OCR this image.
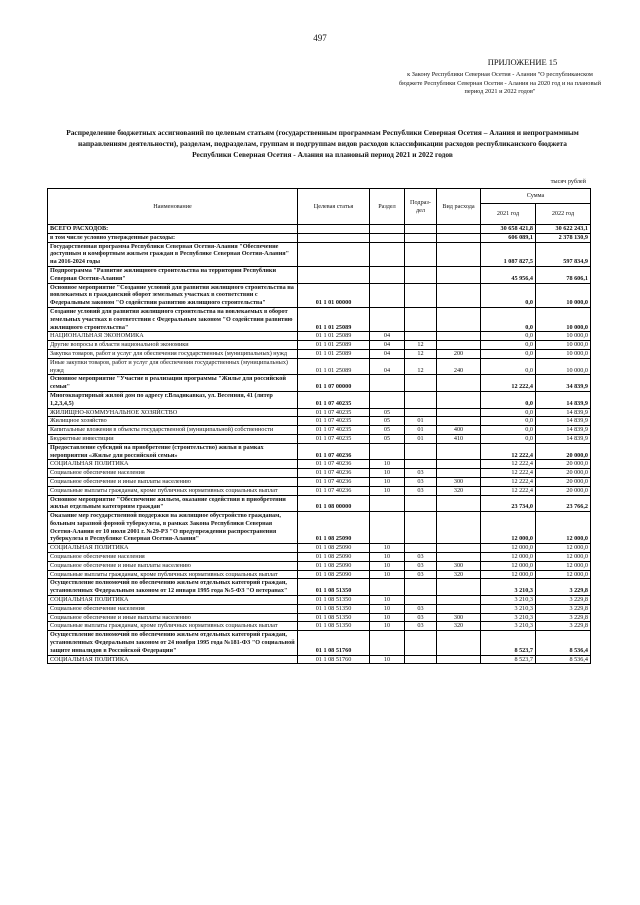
497
ПРИЛОЖЕНИЕ 15
к Закону Республики Северная Осетия - Алания "О республиканском бюджете Республики Северная Осетия - Алания на 2020 год и на плановый период 2021 и 2022 годов"
Распределение бюджетных ассигнований по целевым статьям (государственным программам Республики Северная Осетия – Алания и непрограммным направлениям деятельности), разделам, подразделам, группам и подгруппам видов расходов классификации расходов республиканского бюджета Республики Северная Осетия - Алания на плановый период 2021 и 2022 годов
тысяч рублей
Наименование	Целевая статья	Раздел	Подраз-дел	Вид расхода	Сумма	
					2021 год	2022 год
ВСЕГО РАСХОДОВ:					30 658 421,8	30 622 243,1
в том числе условно утвержденные расходы:					606 089,1	2 378 130,9
Государственная программа Республики Северная Осетия-Алания "Обеспечение доступным и комфортным жильем граждан в Республике Северная Осетия-Алания" на 2016-2024 годы					1 087 827,5	597 834,9
Подпрограмма "Развитие жилищного строительства на территории Республики Северная Осетия-Алания"					45 956,4	78 606,1
Основное мероприятие "Создание условий для развития жилищного строительства на вовлекаемых в гражданский оборот земельных участках в соответствии с Федеральным законом "О содействии развитию жилищного строительства"	01 1 01 00000				0,0	10 000,0
Создание условий для развития жилищного строительства на вовлекаемых в оборот земельных участках в соответствии с Федеральным законом "О содействии развитию жилищного строительства"	01 1 01 25089				0,0	10 000,0
НАЦИОНАЛЬНАЯ ЭКОНОМИКА	01 1 01 25089	04			0,0	10 000,0
Другие вопросы в области национальной экономики	01 1 01 25089	04	12		0,0	10 000,0
Закупка товаров, работ и услуг для обеспечения государственных (муниципальных) нужд	01 1 01 25089	04	12	200	0,0	10 000,0
Иные закупки товаров, работ и услуг для обеспечения государственных (муниципальных) нужд	01 1 01 25089	04	12	240	0,0	10 000,0
Основное мероприятие "Участие в реализации программы "Жилье для российской семьи"	01 1 07 00000				12 222,4	34 839,9
Многоквартирный жилой дом по адресу г.Владикавказ, ул. Весенняя, 41 (литер 1,2,3,4,5)	01 1 07 40235				0,0	14 839,9
ЖИЛИЩНО-КОММУНАЛЬНОЕ ХОЗЯЙСТВО	01 1 07 40235	05			0,0	14 839,9
Жилищное хозяйство	01 1 07 40235	05	01		0,0	14 839,9
Капитальные вложения в объекты государственной (муниципальной) собственности	01 1 07 40235	05	01	400	0,0	14 839,9
Бюджетные инвестиции	01 1 07 40235	05	01	410	0,0	14 839,9
Предоставление субсидий на приобретение (строительство) жилья в рамках мероприятия «Жилье для российской семьи»	01 1 07 40236				12 222,4	20 000,0
СОЦИАЛЬНАЯ ПОЛИТИКА	01 1 07 40236	10			12 222,4	20 000,0
Социальное обеспечение населения	01 1 07 40236	10	03		12 222,4	20 000,0
Социальное обеспечение и иные выплаты населению	01 1 07 40236	10	03	300	12 222,4	20 000,0
Социальные выплаты гражданам, кроме публичных нормативных социальных выплат	01 1 07 40236	10	03	320	12 222,4	20 000,0
Основное мероприятие "Обеспечение жильем, оказание содействия в приобретении жилья отдельным категориям граждан"	01 1 08 00000				23 734,0	23 766,2
Оказание мер государственной поддержки на жилищное обустройство гражданам, больным заразной формой туберкулеза, в рамках Закона Республики Северная Осетия-Алания от 10 июля 2001 г. №29-РЗ "О предупреждении распространения туберкулеза в Республике Северная Осетия-Алания"	01 1 08 25090				12 000,0	12 000,0
СОЦИАЛЬНАЯ ПОЛИТИКА	01 1 08 25090	10			12 000,0	12 000,0
Социальное обеспечение населения	01 1 08 25090	10	03		12 000,0	12 000,0
Социальное обеспечение и иные выплаты населению	01 1 08 25090	10	03	300	12 000,0	12 000,0
Социальные выплаты гражданам, кроме публичных нормативных социальных выплат	01 1 08 25090	10	03	320	12 000,0	12 000,0
Осуществление полномочий по обеспечению жильем отдельных категорий граждан, установленных Федеральным законом от 12 января 1995 года №5-ФЗ "О ветеранах"	01 1 08 51350				3 210,3	3 229,8
СОЦИАЛЬНАЯ ПОЛИТИКА	01 1 08 51350	10			3 210,3	3 229,8
Социальное обеспечение населения	01 1 08 51350	10	03		3 210,3	3 229,8
Социальное обеспечение и иные выплаты населению	01 1 08 51350	10	03	300	3 210,3	3 229,8
Социальные выплаты гражданам, кроме публичных нормативных социальных выплат	01 1 08 51350	10	03	320	3 210,3	3 229,8
Осуществление полномочий по обеспечению жильем отдельных категорий граждан, установленных Федеральным законом от 24 ноября 1995 года №181-ФЗ "О социальной защите инвалидов в Российской Федерации"	01 1 08 51760				8 523,7	8 536,4
СОЦИАЛЬНАЯ ПОЛИТИКА	01 1 08 51760	10			8 523,7	8 536,4
